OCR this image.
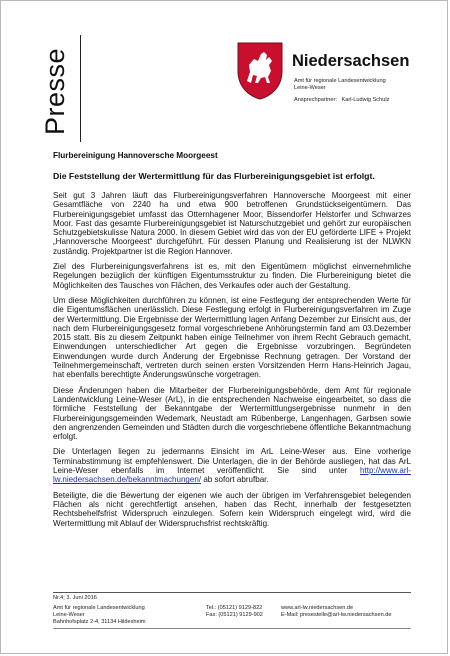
Presse	Niedersachsen
Amt für regionale Landesentwicklung
Leine-Weser
Ansprechpartner: Karl-Ludwig Schulz
Flurbereinigung Hannoversche Moorgeest
Die Feststellung der Wertermittlung für das Flurbereinigungsgebiet ist erfolgt.

Seit gut 3 Jahren läuft das Flurbereinigungsverfahren Hannoversche Moorgeest mit einer Gesamtfläche von 2240 ha und etwa 900 betroffenen Grundstückseigentümern. Das Flurbereinigungsgebiet umfasst das Otternhagener Moor, Bissendorfer Helstorfer und Schwarzes Moor. Fast das gesamte Flurbereinigungsgebiet ist Naturschutzgebiet und gehört zur europäischen Schutzgebietskulisse Natura 2000. In diesem Gebiet wird das von der EU geförderte LIFE + Projekt „Hannoversche Moorgeest“ durchgeführt. Für dessen Planung und Realisierung ist der NLWKN zuständig. Projektpartner ist die Region Hannover.

Ziel des Flurbereinigungsverfahrens ist es, mit den Eigentümern möglichst einvernehmliche Regelungen bezüglich der künftigen Eigentumsstruktur zu finden. Die Flurbereinigung bietet die Möglichkeiten des Tausches von Flächen, des Verkaufes oder auch der Gestaltung.

Um diese Möglichkeiten durchführen zu können, ist eine Festlegung der entsprechenden Werte für die Eigentumsflächen unerlässlich. Diese Festlegung erfolgt in Flurbereinigungsverfahren im Zuge der Wertermittlung. Die Ergebnisse der Wertermittlung lagen Anfang Dezember zur Einsicht aus, der nach dem Flurbereinigungsgesetz formal vorgeschriebene Anhörungstermin fand am 03.Dezember 2015 statt. Bis zu diesem Zeitpunkt haben einige Teilnehmer von ihrem Recht Gebrauch gemacht, Einwendungen unterschiedlicher Art gegen die Ergebnisse vorzubringen. Begründeten Einwendungen wurde durch Änderung der Ergebnisse Rechnung getragen. Der Vorstand der Teilnehmergemeinschaft, vertreten durch seinen ersten Vorsitzenden Herrn Hans-Heinrich Jagau, hat ebenfalls berechtigte Änderungswünsche vorgetragen.

Diese Änderungen haben die Mitarbeiter der Flurbereinigungsbehörde, dem Amt für regionale Landentwicklung Leine-Weser (ArL), in die entsprechenden Nachweise eingearbeitet, so dass die förmliche Feststellung der Bekanntgabe der Wertermittlungsergebnisse nunmehr in den Flurbereinigungsgemeinden Wedemark, Neustadt am Rübenberge, Langenhagen, Garbsen sowie den angrenzenden Gemeinden und Städten durch die vorgeschriebene öffentliche Bekanntmachung erfolgt.

Die Unterlagen liegen zu jedermanns Einsicht im ArL Leine-Weser aus. Eine vorherige Terminabstimmung ist empfehlenswert. Die Unterlagen, die in der Behörde ausliegen, hat das ArL Leine-Weser ebenfalls im Internet veröffentlicht. Sie sind unter http://www.arl-lw.niedersachsen.de/bekanntmachungen/ ab sofort abrufbar.

Beteiligte, die die Bewertung der eigenen wie auch der übrigen im Verfahrensgebiet belegenden Flächen als nicht gerechtfertigt ansehen, haben das Recht, innerhalb der festgesetzten Rechtsbehelfsfrist Widerspruch einzulegen. Sofern kein Widerspruch eingelegt wird, wird die Wertermittlung mit Ablauf der Widerspruchsfrist rechtskräftig.

Nr.4; 3. Juni 2016
Amt für regionale Landesentwicklung
Leine-Weser
Bahnhofsplatz 2-4, 31134 Hildesheim
Tel.: (05121) 9129-822
Fax: (05121) 9129-902
www.arl-lw.niedersachsen.de
E-Mail: presestelle@arl-lw.niedersachsen.de
